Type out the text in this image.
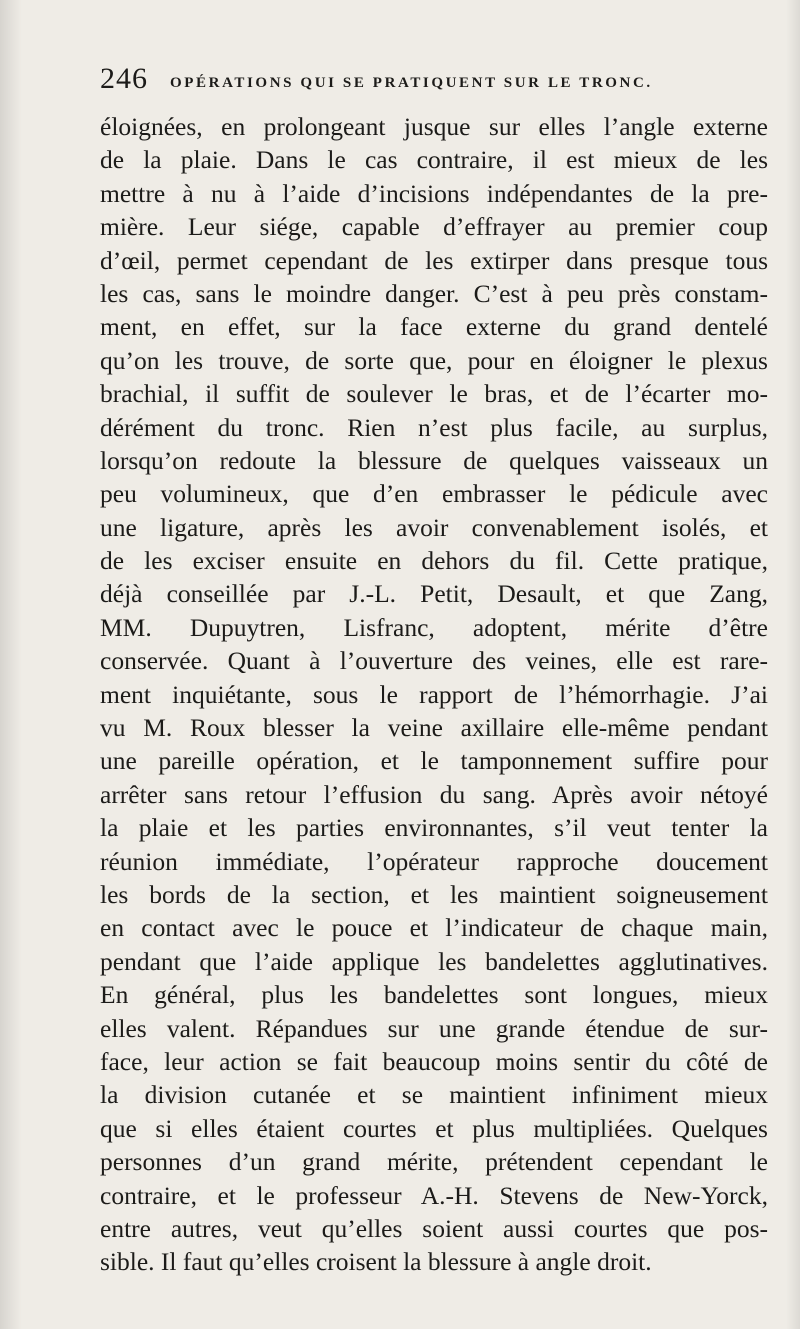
246 OPÉRATIONS QUI SE PRATIQUENT SUR LE TRONC.
éloignées, en prolongeant jusque sur elles l’angle externe
de la plaie. Dans le cas contraire, il est mieux de les
mettre à nu à l’aide d’incisions indépendantes de la pre-
mière. Leur siége, capable d’effrayer au premier coup
d’œil, permet cependant de les extirper dans presque tous
les cas, sans le moindre danger. C’est à peu près constam-
ment, en effet, sur la face externe du grand dentelé
qu’on les trouve, de sorte que, pour en éloigner le plexus
brachial, il suffit de soulever le bras, et de l’écarter mo-
dérément du tronc. Rien n’est plus facile, au surplus,
lorsqu’on redoute la blessure de quelques vaisseaux un
peu volumineux, que d’en embrasser le pédicule avec
une ligature, après les avoir convenablement isolés, et
de les exciser ensuite en dehors du fil. Cette pratique,
déjà conseillée par J.-L. Petit, Desault, et que Zang,
MM. Dupuytren, Lisfranc, adoptent, mérite d’être
conservée. Quant à l’ouverture des veines, elle est rare-
ment inquiétante, sous le rapport de l’hémorrhagie. J’ai
vu M. Roux blesser la veine axillaire elle-même pendant
une pareille opération, et le tamponnement suffire pour
arrêter sans retour l’effusion du sang. Après avoir nétoyé
la plaie et les parties environnantes, s’il veut tenter la
réunion immédiate, l’opérateur rapproche doucement
les bords de la section, et les maintient soigneusement
en contact avec le pouce et l’indicateur de chaque main,
pendant que l’aide applique les bandelettes agglutinatives.
En général, plus les bandelettes sont longues, mieux
elles valent. Répandues sur une grande étendue de sur-
face, leur action se fait beaucoup moins sentir du côté de
la division cutanée et se maintient infiniment mieux
que si elles étaient courtes et plus multipliées. Quelques
personnes d’un grand mérite, prétendent cependant le
contraire, et le professeur A.-H. Stevens de New-Yorck,
entre autres, veut qu’elles soient aussi courtes que pos-
sible. Il faut qu’elles croisent la blessure à angle droit.
